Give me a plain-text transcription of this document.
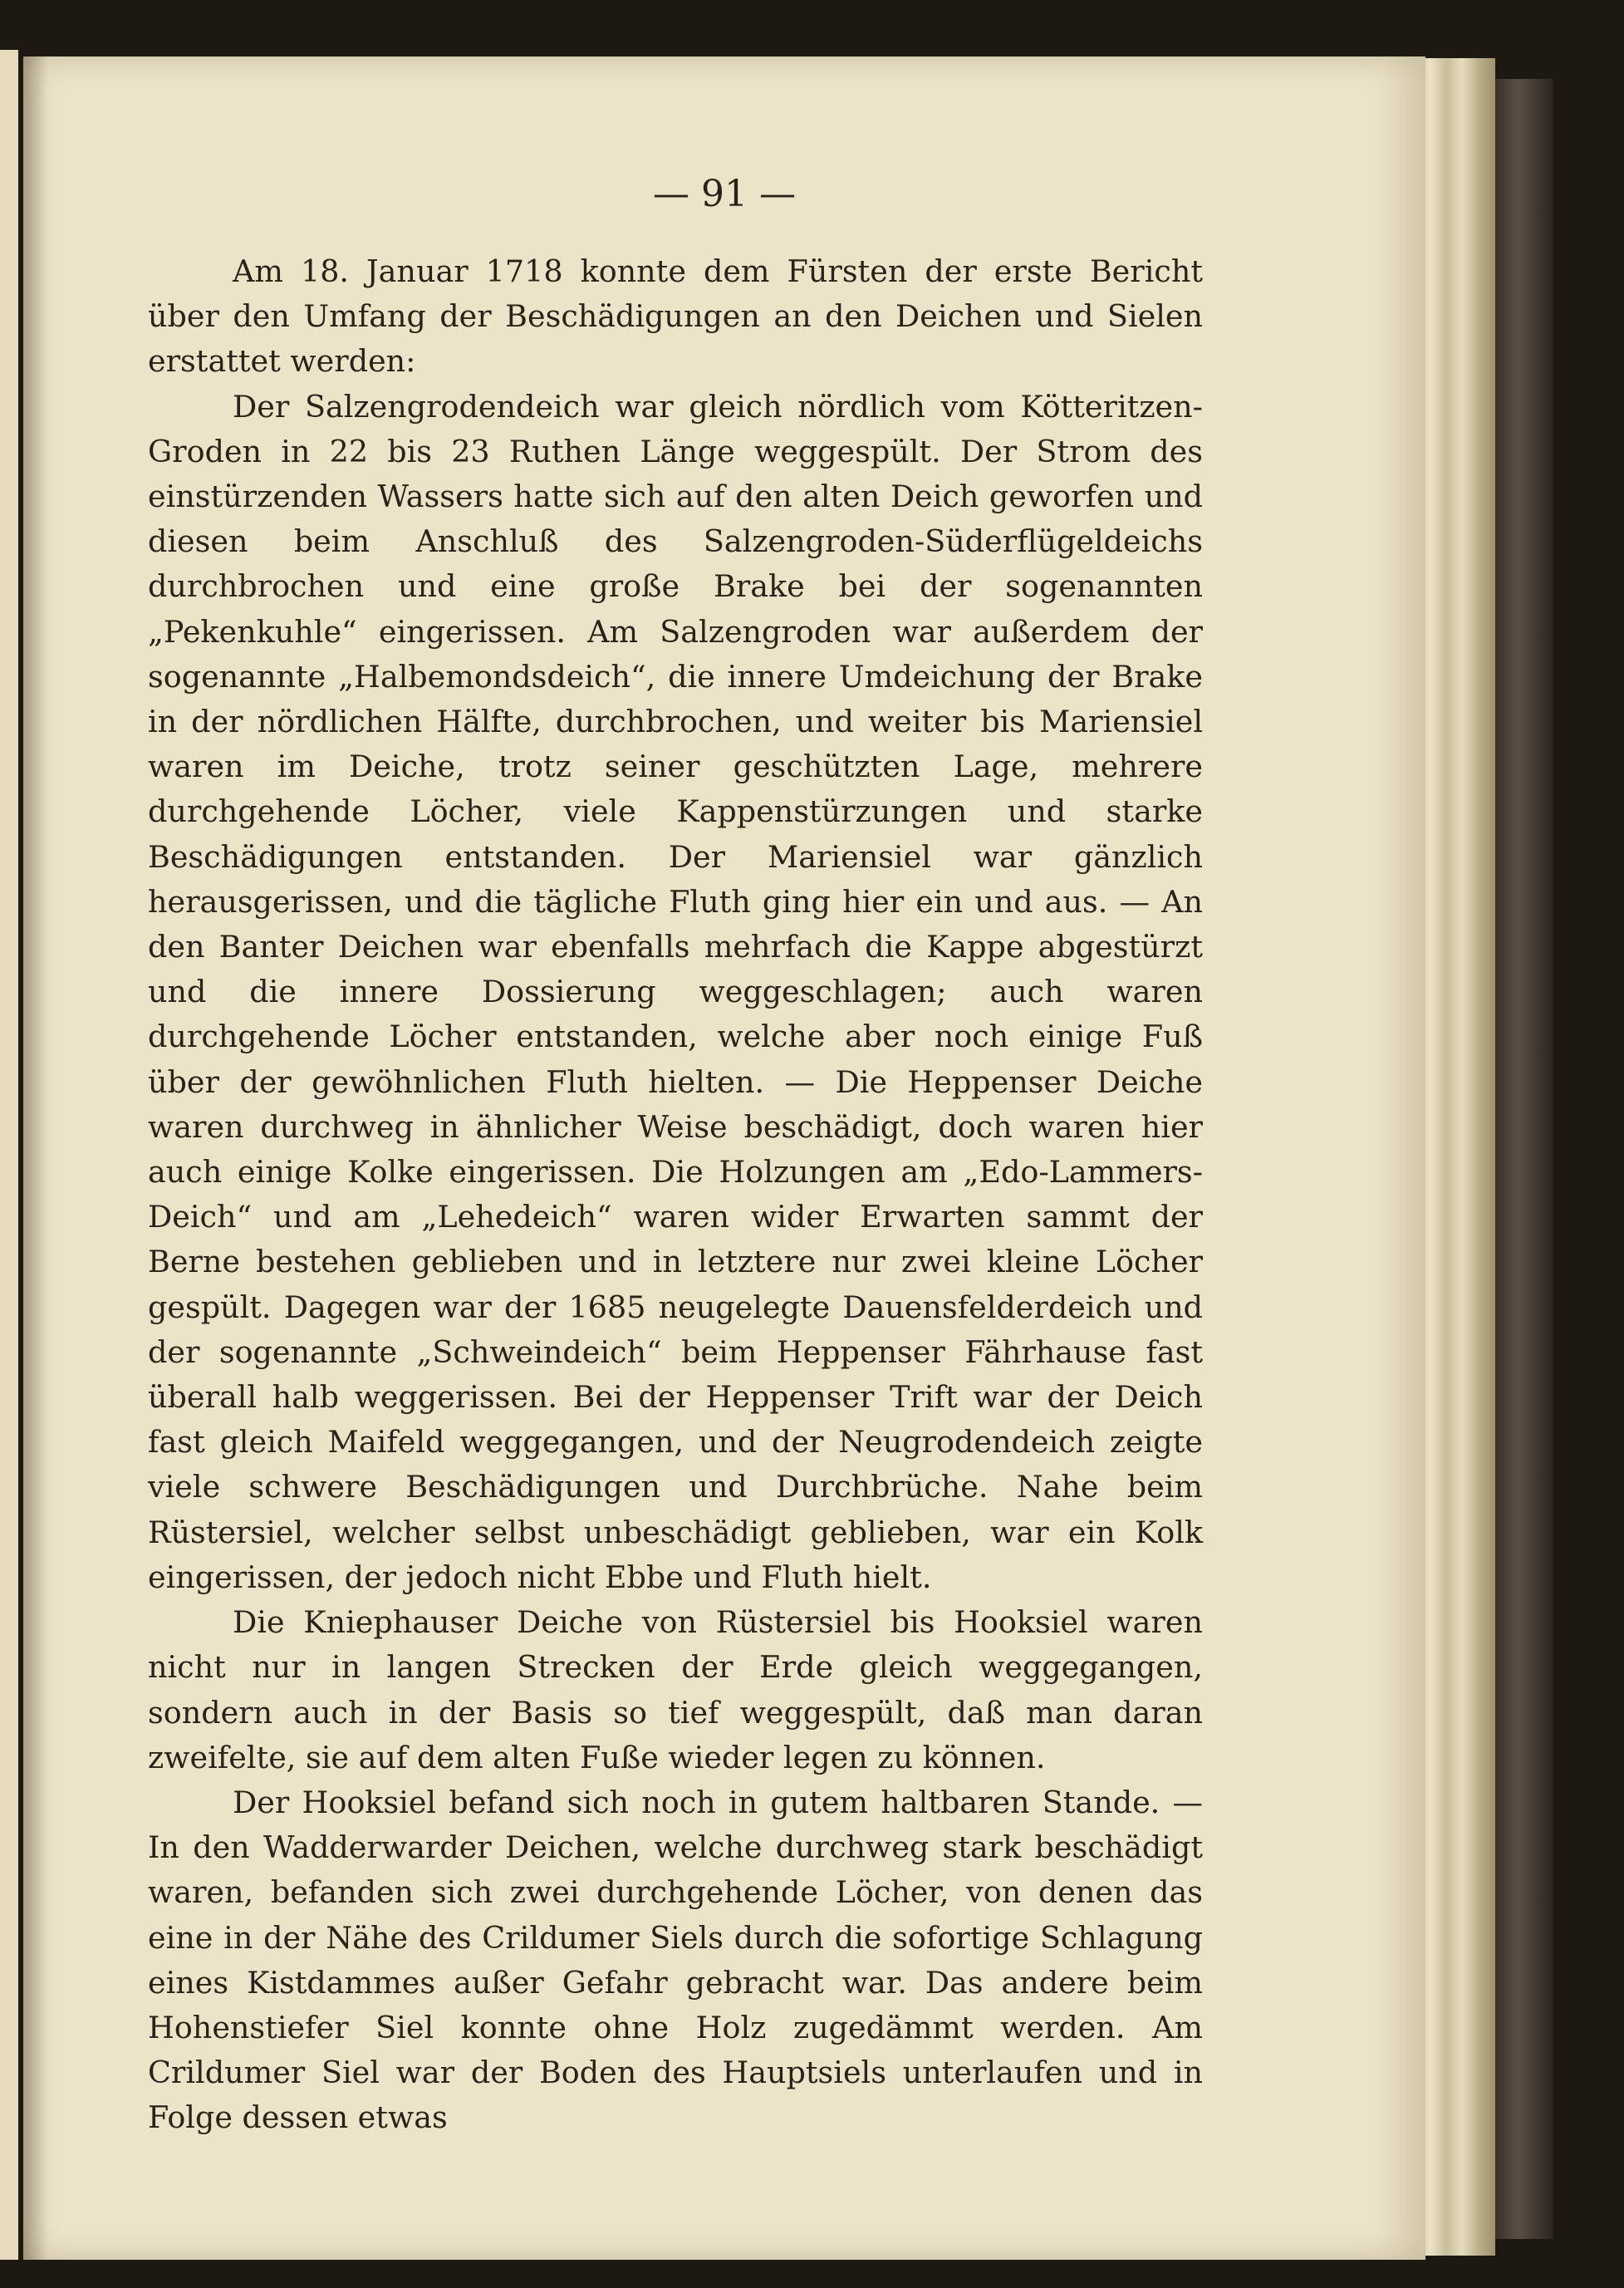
— 91 —

Am 18. Januar 1718 konnte dem Fürsten der erste Bericht über den Umfang der Beschädigungen an den Deichen und Sielen erstattet werden:

Der Salzengrodendeich war gleich nördlich vom Kötteritzen-Groden in 22 bis 23 Ruthen Länge weggespült. Der Strom des einstürzenden Wassers hatte sich auf den alten Deich geworfen und diesen beim Anschluß des Salzengroden-Süderflügeldeichs durchbrochen und eine große Brake bei der sogenannten „Pekenkuhle“ eingerissen. Am Salzengroden war außerdem der sogenannte „Halbemondsdeich“, die innere Umdeichung der Brake in der nördlichen Hälfte, durchbrochen, und weiter bis Mariensiel waren im Deiche, trotz seiner geschützten Lage, mehrere durchgehende Löcher, viele Kappenstürzungen und starke Beschädigungen entstanden. Der Mariensiel war gänzlich herausgerissen, und die tägliche Fluth ging hier ein und aus. — An den Banter Deichen war ebenfalls mehrfach die Kappe abgestürzt und die innere Dossierung weggeschlagen; auch waren durchgehende Löcher entstanden, welche aber noch einige Fuß über der gewöhnlichen Fluth hielten. — Die Heppenser Deiche waren durchweg in ähnlicher Weise beschädigt, doch waren hier auch einige Kolke eingerissen. Die Holzungen am „Edo-Lammers-Deich“ und am „Lehedeich“ waren wider Erwarten sammt der Berne bestehen geblieben und in letztere nur zwei kleine Löcher gespült. Dagegen war der 1685 neugelegte Dauensfelderdeich und der sogenannte „Schweindeich“ beim Heppenser Fährhause fast überall halb weggerissen. Bei der Heppenser Trift war der Deich fast gleich Maifeld weggegangen, und der Neugrodendeich zeigte viele schwere Beschädigungen und Durchbrüche. Nahe beim Rüstersiel, welcher selbst unbeschädigt geblieben, war ein Kolk eingerissen, der jedoch nicht Ebbe und Fluth hielt.

Die Kniephauser Deiche von Rüstersiel bis Hooksiel waren nicht nur in langen Strecken der Erde gleich weggegangen, sondern auch in der Basis so tief weggespült, daß man daran zweifelte, sie auf dem alten Fuße wieder legen zu können.

Der Hooksiel befand sich noch in gutem haltbaren Stande. — In den Wadderwarder Deichen, welche durchweg stark beschädigt waren, befanden sich zwei durchgehende Löcher, von denen das eine in der Nähe des Crildumer Siels durch die sofortige Schlagung eines Kistdammes außer Gefahr gebracht war. Das andere beim Hohenstiefer Siel konnte ohne Holz zugedämmt werden. Am Crildumer Siel war der Boden des Hauptsiels unterlaufen und in Folge dessen etwas
